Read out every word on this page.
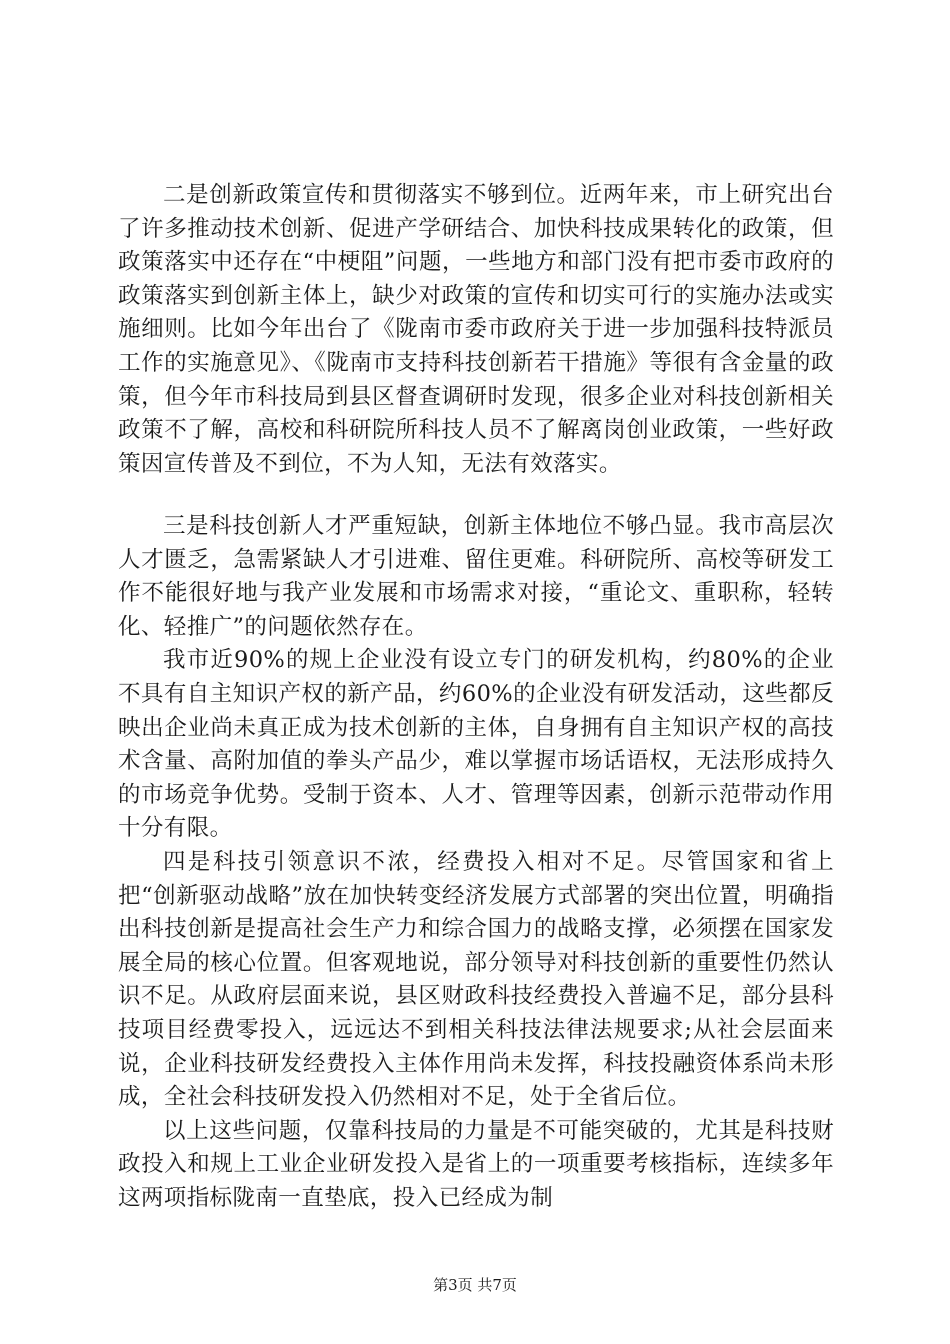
二是创新政策宣传和贯彻落实不够到位。近两年来，市上研究出台了许多推动技术创新、促进产学研结合、加快科技成果转化的政策，但政策落实中还存在“中梗阻”问题，一些地方和部门没有把市委市政府的政策落实到创新主体上，缺少对政策的宣传和切实可行的实施办法或实施细则。比如今年出台了《陇南市委市政府关于进一步加强科技特派员工作的实施意见》、《陇南市支持科技创新若干措施》等很有含金量的政策，但今年市科技局到县区督查调研时发现，很多企业对科技创新相关政策不了解，高校和科研院所科技人员不了解离岗创业政策，一些好政策因宣传普及不到位，不为人知，无法有效落实。

三是科技创新人才严重短缺，创新主体地位不够凸显。我市高层次人才匮乏，急需紧缺人才引进难、留住更难。科研院所、高校等研发工作不能很好地与我产业发展和市场需求对接，“重论文、重职称，轻转化、轻推广”的问题依然存在。

我市近90%的规上企业没有设立专门的研发机构，约80%的企业不具有自主知识产权的新产品，约60%的企业没有研发活动，这些都反映出企业尚未真正成为技术创新的主体，自身拥有自主知识产权的高技术含量、高附加值的拳头产品少，难以掌握市场话语权，无法形成持久的市场竞争优势。受制于资本、人才、管理等因素，创新示范带动作用十分有限。

四是科技引领意识不浓，经费投入相对不足。尽管国家和省上把“创新驱动战略”放在加快转变经济发展方式部署的突出位置，明确指出科技创新是提高社会生产力和综合国力的战略支撑，必须摆在国家发展全局的核心位置。但客观地说，部分领导对科技创新的重要性仍然认识不足。从政府层面来说，县区财政科技经费投入普遍不足，部分县科技项目经费零投入，远远达不到相关科技法律法规要求;从社会层面来说，企业科技研发经费投入主体作用尚未发挥，科技投融资体系尚未形成，全社会科技研发投入仍然相对不足，处于全省后位。

以上这些问题，仅靠科技局的力量是不可能突破的，尤其是科技财政投入和规上工业企业研发投入是省上的一项重要考核指标，连续多年这两项指标陇南一直垫底，投入已经成为制

第3页 共7页
